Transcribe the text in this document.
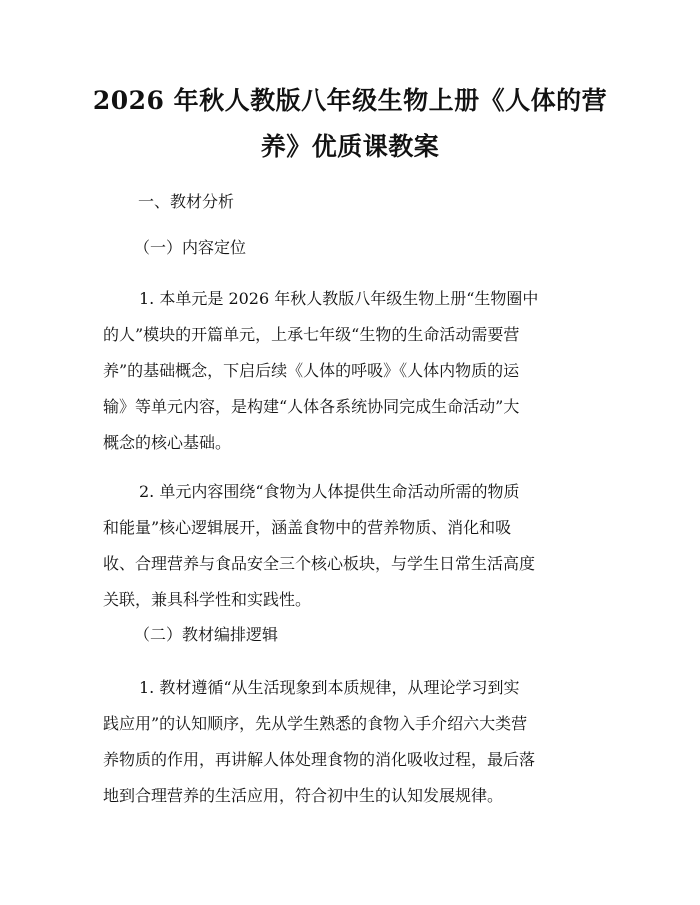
2026 年秋人教版八年级生物上册《人体的营
养》优质课教案

一、教材分析

（一）内容定位

1. 本单元是 2026 年秋人教版八年级生物上册“生物圈中
的人”模块的开篇单元，上承七年级“生物的生命活动需要营
养”的基础概念，下启后续《人体的呼吸》《人体内物质的运
输》等单元内容，是构建“人体各系统协同完成生命活动”大
概念的核心基础。

2. 单元内容围绕“食物为人体提供生命活动所需的物质
和能量”核心逻辑展开，涵盖食物中的营养物质、消化和吸
收、合理营养与食品安全三个核心板块，与学生日常生活高度
关联，兼具科学性和实践性。

（二）教材编排逻辑

1. 教材遵循“从生活现象到本质规律，从理论学习到实
践应用”的认知顺序，先从学生熟悉的食物入手介绍六大类营
养物质的作用，再讲解人体处理食物的消化吸收过程，最后落
地到合理营养的生活应用，符合初中生的认知发展规律。
